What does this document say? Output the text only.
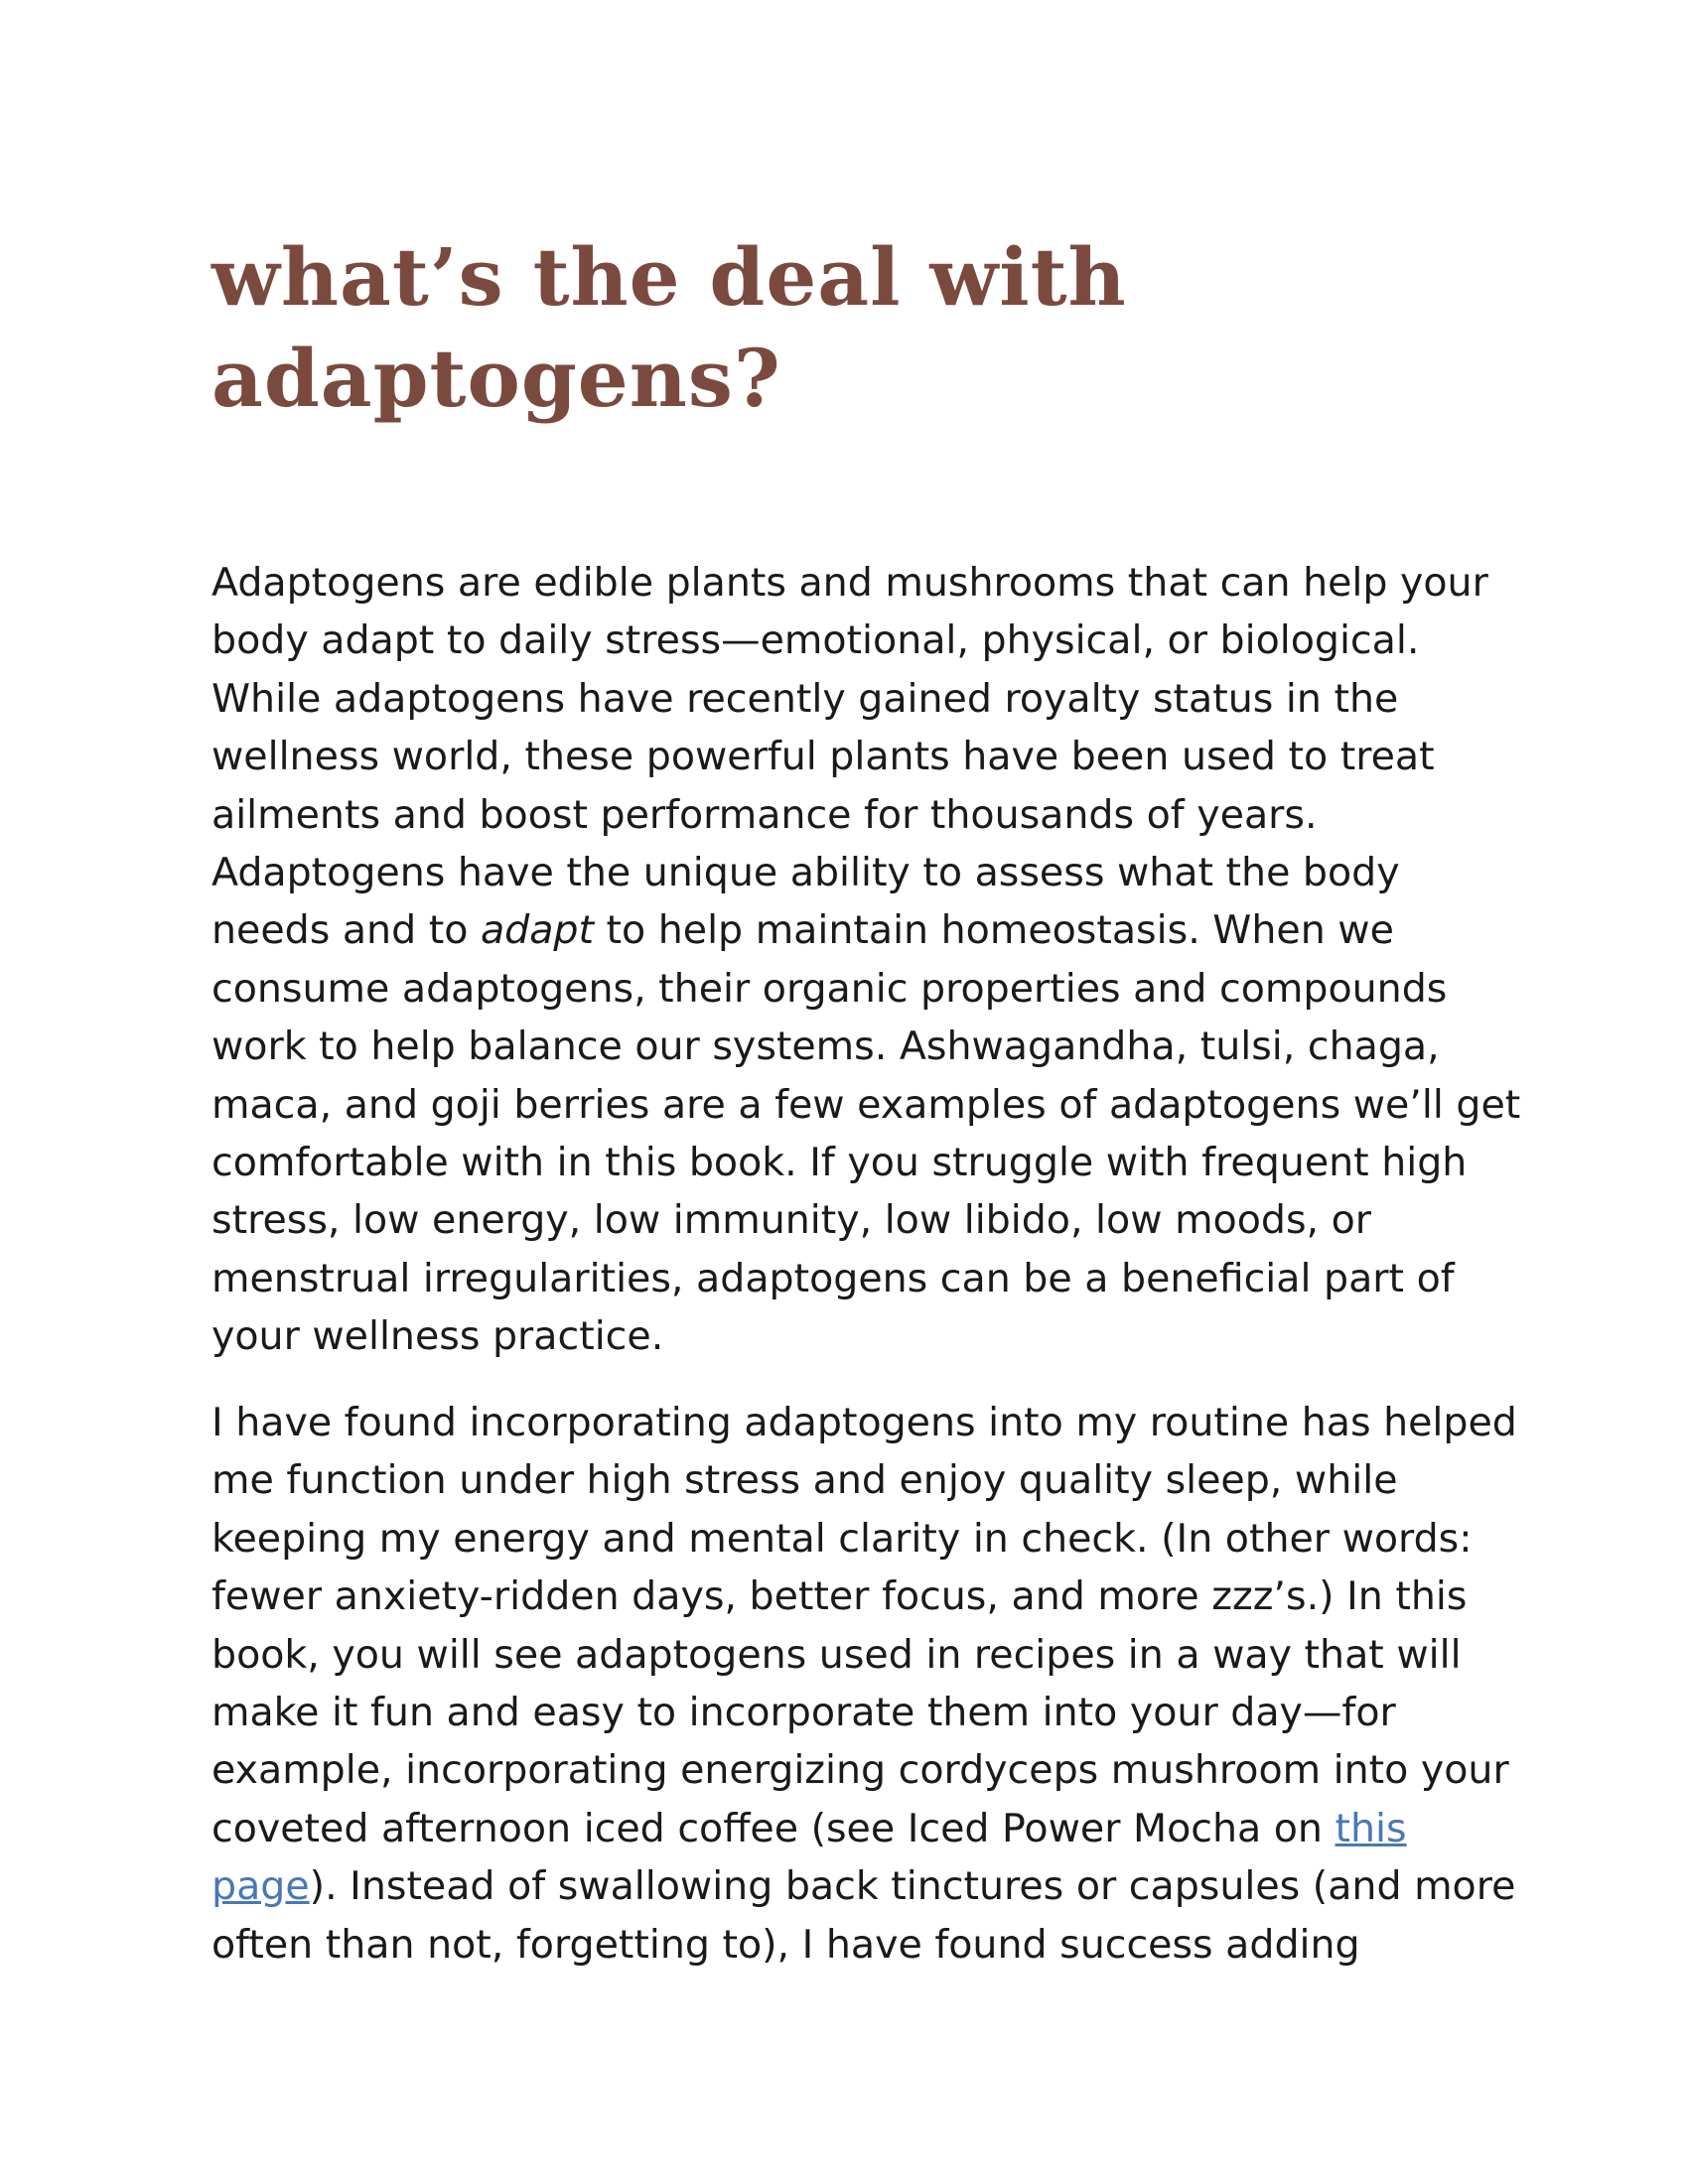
what’s the deal with
adaptogens?

Adaptogens are edible plants and mushrooms that can help your
body adapt to daily stress—emotional, physical, or biological.
While adaptogens have recently gained royalty status in the
wellness world, these powerful plants have been used to treat
ailments and boost performance for thousands of years.
Adaptogens have the unique ability to assess what the body
needs and to adapt to help maintain homeostasis. When we
consume adaptogens, their organic properties and compounds
work to help balance our systems. Ashwagandha, tulsi, chaga,
maca, and goji berries are a few examples of adaptogens we’ll get
comfortable with in this book. If you struggle with frequent high
stress, low energy, low immunity, low libido, low moods, or
menstrual irregularities, adaptogens can be a beneficial part of
your wellness practice.

I have found incorporating adaptogens into my routine has helped
me function under high stress and enjoy quality sleep, while
keeping my energy and mental clarity in check. (In other words:
fewer anxiety-ridden days, better focus, and more zzz’s.) In this
book, you will see adaptogens used in recipes in a way that will
make it fun and easy to incorporate them into your day—for
example, incorporating energizing cordyceps mushroom into your
coveted afternoon iced coffee (see Iced Power Mocha on this
page). Instead of swallowing back tinctures or capsules (and more
often than not, forgetting to), I have found success adding
